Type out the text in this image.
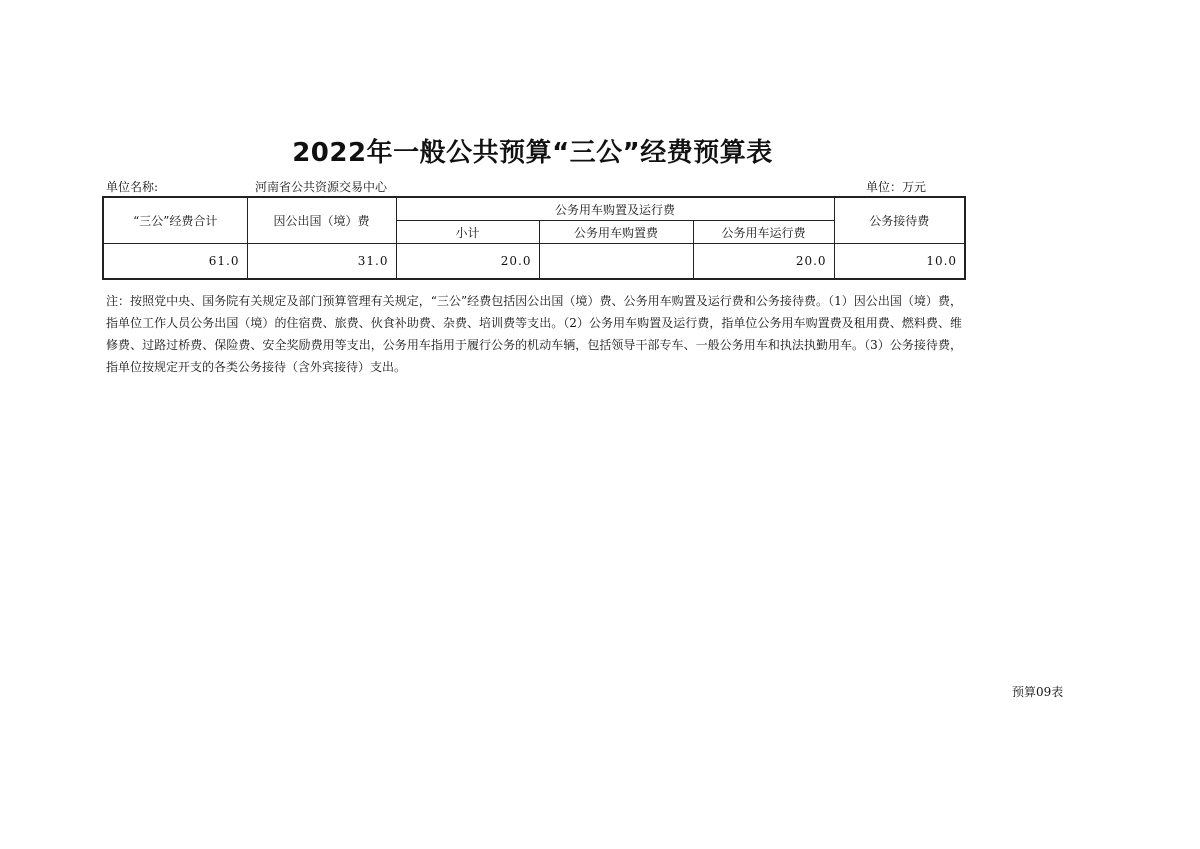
2022年一般公共预算“三公”经费预算表
单位名称:	河南省公共资源交易中心	单位：万元
“三公”经费合计	因公出国（境）费	公务用车购置及运行费			公务接待费
		小计	公务用车购置费	公务用车运行费	
61.0	31.0	20.0		20.0	10.0
注：按照党中央、国务院有关规定及部门预算管理有关规定，“三公”经费包括因公出国（境）费、公务用车购置及运行费和公务接待费。（1）因公出国（境）费，指单位工作人员公务出国（境）的住宿费、旅费、伙食补助费、杂费、培训费等支出。（2）公务用车购置及运行费，指单位公务用车购置费及租用费、燃料费、维修费、过路过桥费、保险费、安全奖励费用等支出，公务用车指用于履行公务的机动车辆，包括领导干部专车、一般公务用车和执法执勤用车。（3）公务接待费，指单位按规定开支的各类公务接待（含外宾接待）支出。
预算09表
